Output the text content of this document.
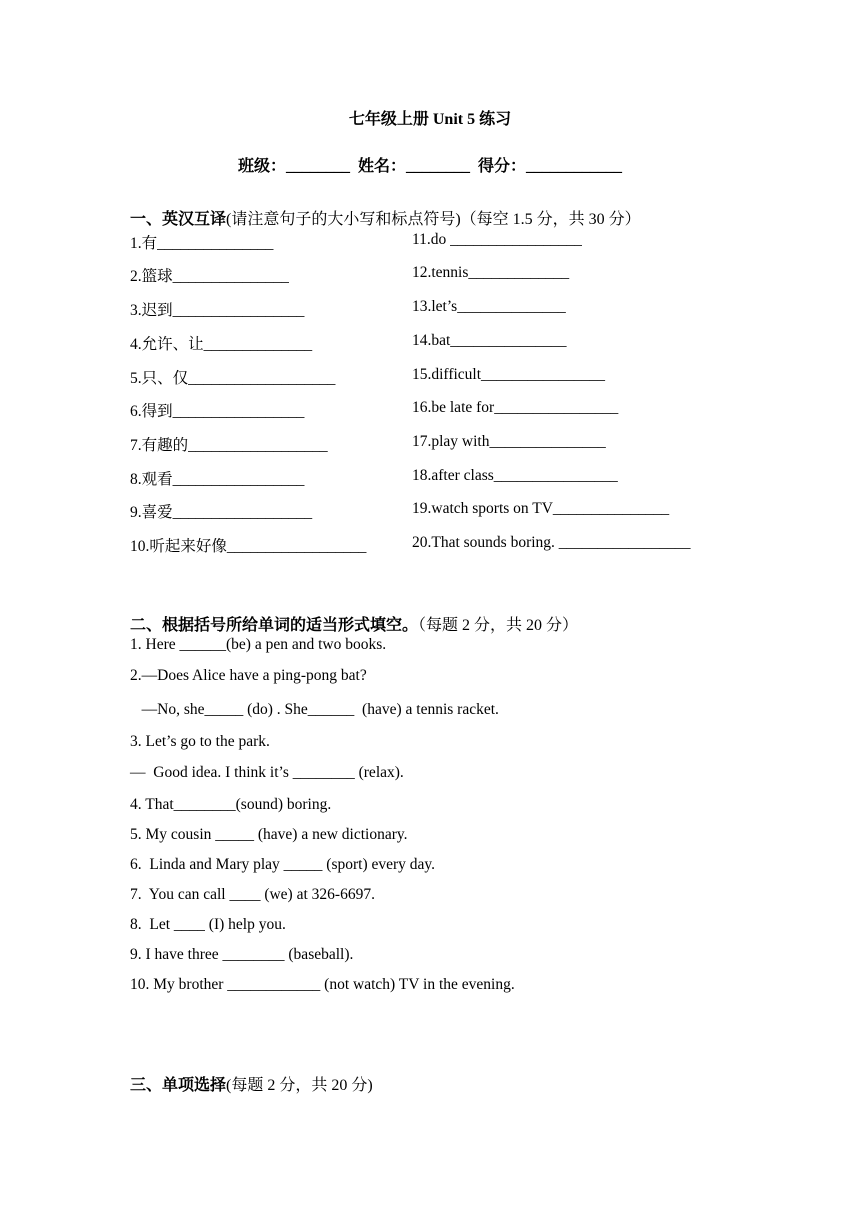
七年级上册 Unit 5 练习
班级：________  姓名：________  得分：____________
一、英汉互译(请注意句子的大小写和标点符号)（每空 1.5 分，共 30 分）
1.有_______________
2.篮球_______________
3.迟到_________________
4.允许、让______________
5.只、仅___________________
6.得到_________________
7.有趣的__________________
8.观看_________________
9.喜爱__________________
10.听起来好像__________________
11.do _________________
12.tennis_____________
13.let’s______________
14.bat_______________
15.difficult________________
16.be late for________________
17.play with_______________
18.after class________________
19.watch sports on TV_______________
20.That sounds boring. _________________
二、根据括号所给单词的适当形式填空。（每题 2 分，共 20 分）
1. Here ______(be) a pen and two books.
2.—Does Alice have a ping-pong bat?
—No, she_____ (do) . She______  (have) a tennis racket.
3. Let’s go to the park.
—  Good idea. I think it’s ________ (relax).
4. That________(sound) boring.
5. My cousin _____ (have) a new dictionary.
6.  Linda and Mary play _____ (sport) every day.
7.  You can call ____ (we) at 326-6697.
8.  Let ____ (I) help you.
9. I have three ________ (baseball).
10. My brother ____________ (not watch) TV in the evening.
三、单项选择(每题 2 分，共 20 分)
